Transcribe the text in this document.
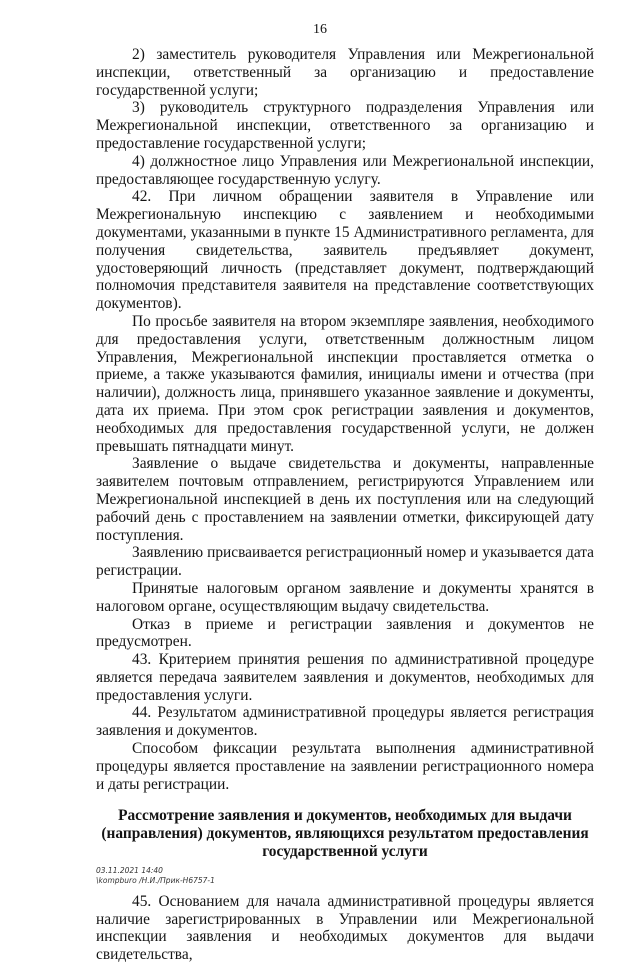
16

2) заместитель руководителя Управления или Межрегиональной инспекции, ответственный за организацию и предоставление государственной услуги;

3) руководитель структурного подразделения Управления или Межрегиональной инспекции, ответственного за организацию и предоставление государственной услуги;

4) должностное лицо Управления или Межрегиональной инспекции, предоставляющее государственную услугу.

42. При личном обращении заявителя в Управление или Межрегиональную инспекцию с заявлением и необходимыми документами, указанными в пункте 15 Административного регламента, для получения свидетельства, заявитель предъявляет документ, удостоверяющий личность (представляет документ, подтверждающий полномочия представителя заявителя на представление соответствующих документов).

По просьбе заявителя на втором экземпляре заявления, необходимого для предоставления услуги, ответственным должностным лицом Управления, Межрегиональной инспекции проставляется отметка о приеме, а также указываются фамилия, инициалы имени и отчества (при наличии), должность лица, принявшего указанное заявление и документы, дата их приема. При этом срок регистрации заявления и документов, необходимых для предоставления государственной услуги, не должен превышать пятнадцати минут.

Заявление о выдаче свидетельства и документы, направленные заявителем почтовым отправлением, регистрируются Управлением или Межрегиональной инспекцией в день их поступления или на следующий рабочий день с проставлением на заявлении отметки, фиксирующей дату поступления.

Заявлению присваивается регистрационный номер и указывается дата регистрации.

Принятые налоговым органом заявление и документы хранятся в налоговом органе, осуществляющим выдачу свидетельства.

Отказ в приеме и регистрации заявления и документов не предусмотрен.

43. Критерием принятия решения по административной процедуре является передача заявителем заявления и документов, необходимых для предоставления услуги.

44. Результатом административной процедуры является регистрация заявления и документов.

Способом фиксации результата выполнения административной процедуры является проставление на заявлении регистрационного номера и даты регистрации.

Рассмотрение заявления и документов, необходимых для выдачи (направления) документов, являющихся результатом предоставления государственной услуги

45. Основанием для начала административной процедуры является наличие зарегистрированных в Управлении или Межрегиональной инспекции заявления и необходимых документов для выдачи свидетельства,

03.11.2021 14:40
\kompburo /Н.И./Прик-Н6757-1
